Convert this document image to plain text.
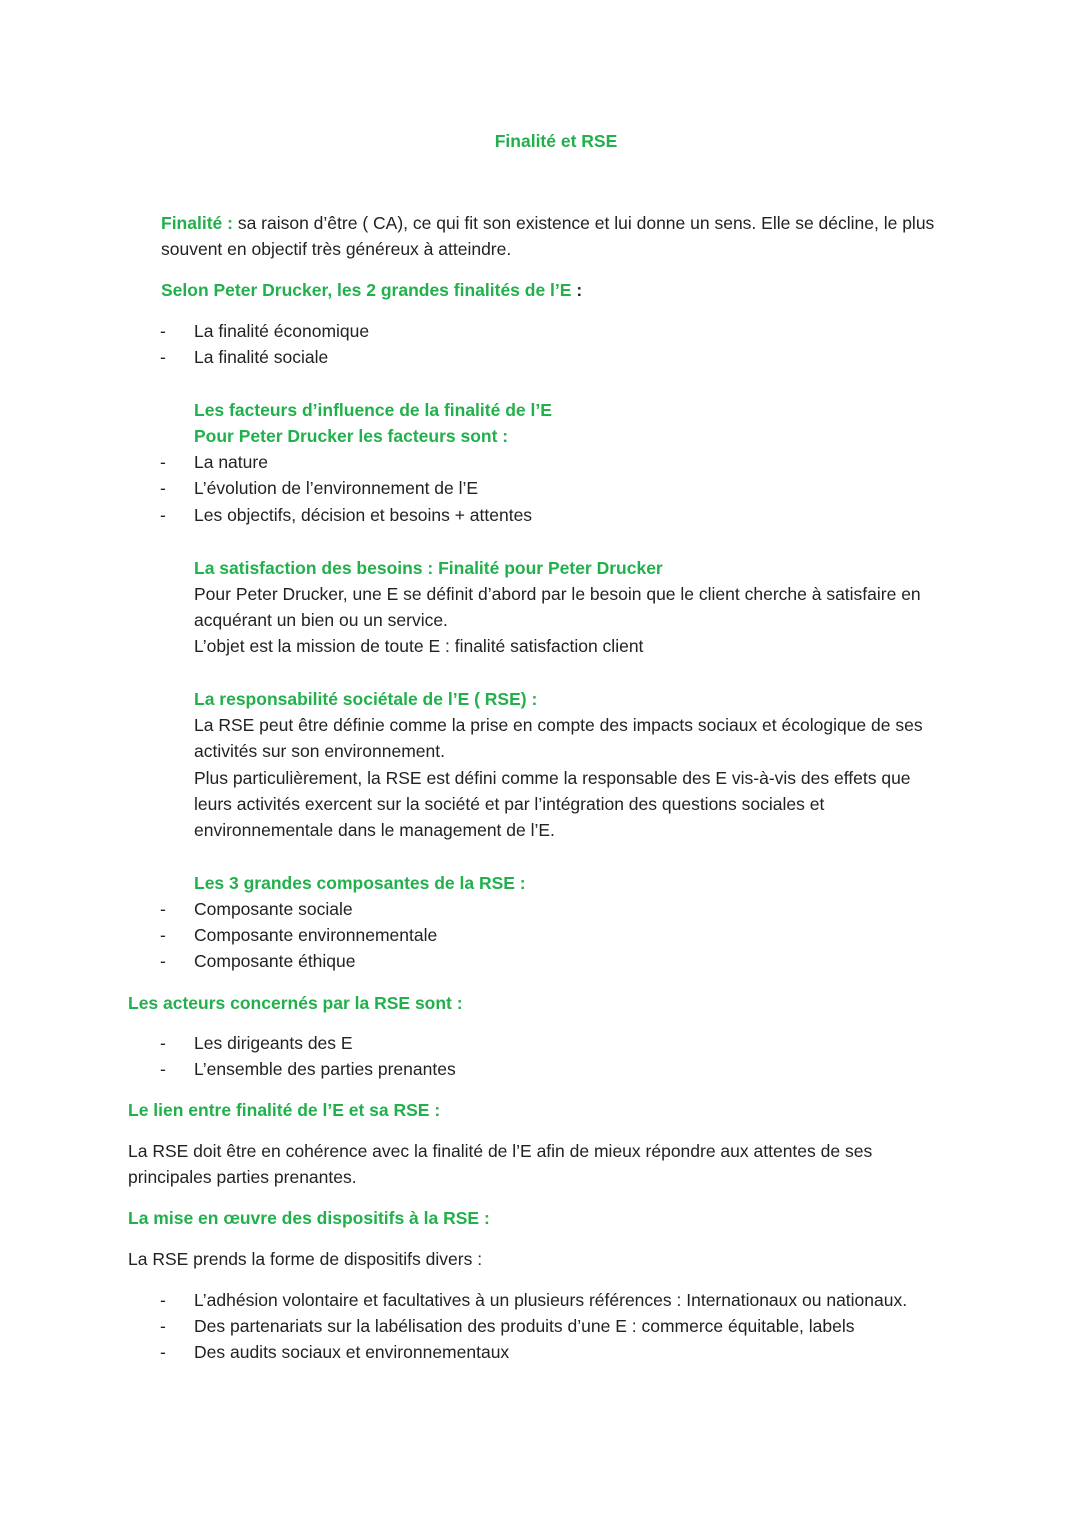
Finalité et RSE
Finalité : sa raison d’être ( CA), ce qui fit son existence et lui donne un sens. Elle se décline, le plus
souvent en objectif très généreux à atteindre.
Selon Peter Drucker, les 2 grandes finalités de l’E :
- La finalité économique
- La finalité sociale
Les facteurs d’influence de la finalité de l’E
Pour Peter Drucker les facteurs sont :
- La nature
- L’évolution de l’environnement de l’E
- Les objectifs, décision et besoins + attentes
La satisfaction des besoins : Finalité pour Peter Drucker
Pour Peter Drucker, une E se définit d’abord par le besoin que le client cherche à satisfaire en
acquérant un bien ou un service.
L’objet est la mission de toute E : finalité satisfaction client
La responsabilité sociétale de l’E ( RSE) :
La RSE peut être définie comme la prise en compte des impacts sociaux et écologique de ses
activités sur son environnement.
Plus particulièrement, la RSE est défini comme la responsable des E vis-à-vis des effets que
leurs activités exercent sur la société et par l’intégration des questions sociales et
environnementale dans le management de l’E.
Les 3 grandes composantes de la RSE :
- Composante sociale
- Composante environnementale
- Composante éthique
Les acteurs concernés par la RSE sont :
- Les dirigeants des E
- L’ensemble des parties prenantes
Le lien entre finalité de l’E et sa RSE :
La RSE doit être en cohérence avec la finalité de l’E afin de mieux répondre aux attentes de ses
principales parties prenantes.
La mise en œuvre des dispositifs à la RSE :
La RSE prends la forme de dispositifs divers :
- L’adhésion volontaire et facultatives à un plusieurs références : Internationaux ou nationaux.
- Des partenariats sur la labélisation des produits d’une E : commerce équitable, labels
- Des audits sociaux et environnementaux
